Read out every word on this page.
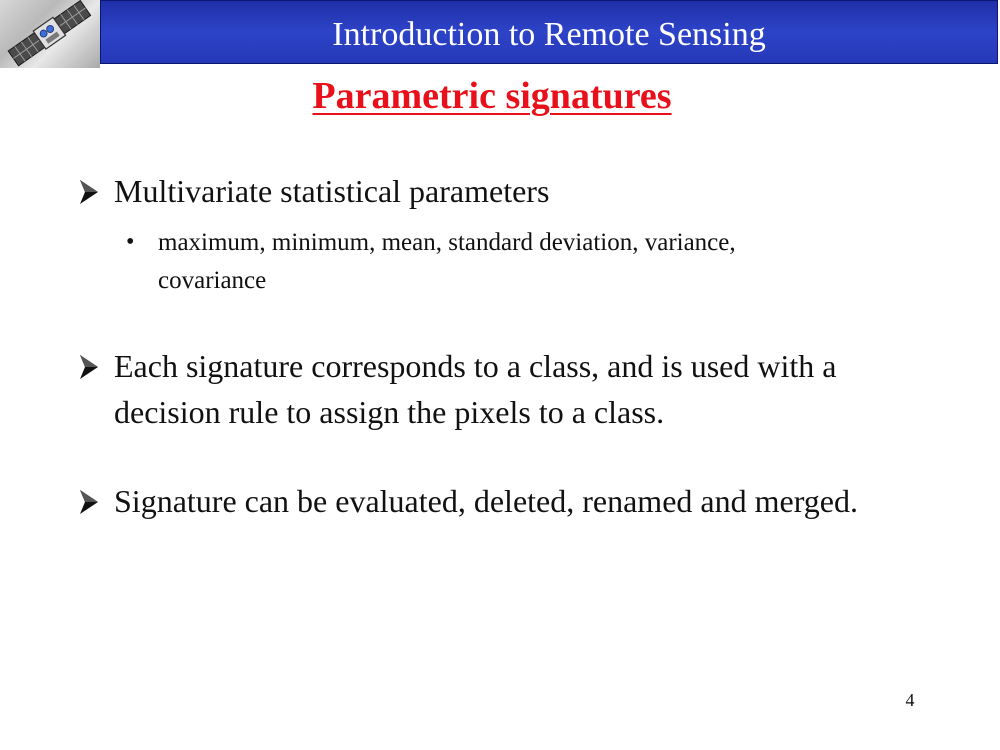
Introduction to Remote Sensing
Parametric signatures
Multivariate statistical parameters
• maximum, minimum, mean, standard deviation, variance, covariance
Each signature corresponds to a class, and is used with a decision rule to assign the pixels to a class.
Signature can be evaluated, deleted, renamed and merged.
4
